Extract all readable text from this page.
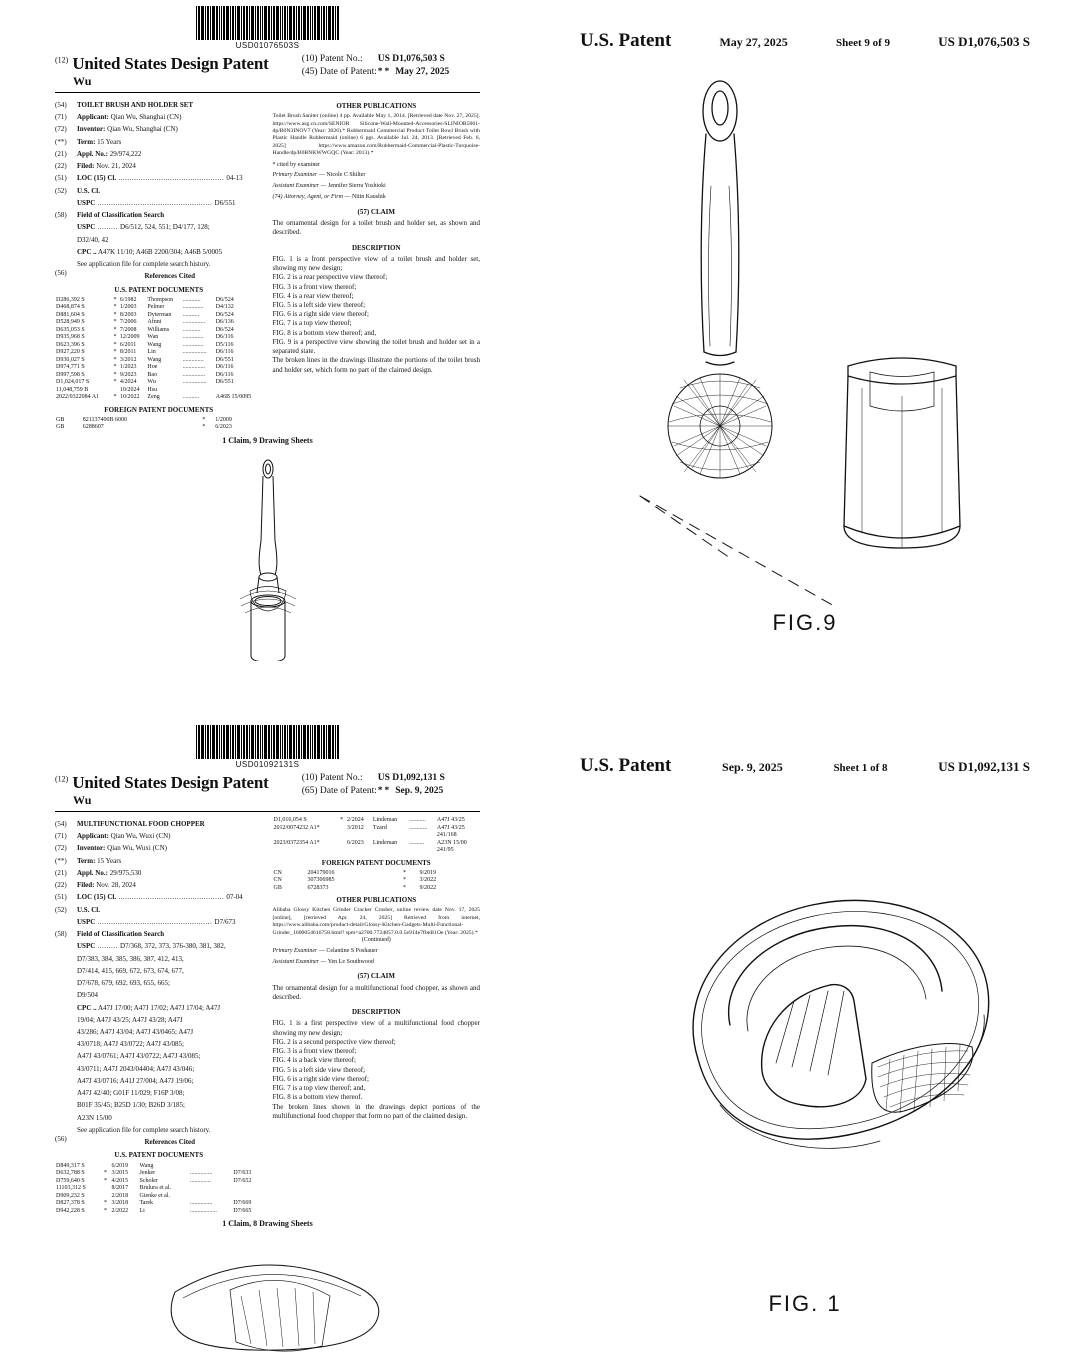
USD01076503S
$^{(12)}$ United States Design Patent
Wu
(10) Patent No.:	US D1,076,503 S
(45) Date of Patent: ** May 27, 2025
(54)	TOILET BRUSH AND HOLDER SET
(71)	Applicant: Qian Wu, Shanghai (CN)
(72)	Inventor: Qian Wu, Shanghai (CN)
(**)	Term: 15 Years
(21)	Appl. No.: 29/974,222
(22)	Filed: Nov. 21, 2024
(51)	LOC (15) Cl. ............................................... 04-13
(52)	U.S. Cl.
USPC ................................................... D6/551
(58)	Field of Classification Search
USPC ......... D6/512, 524, 551; D4/177, 128;
D32/40, 42
CPC .. A47K 11/10; A46B 2200/304; A46B 5/0005
See application file for complete search history.
(56)	References Cited
U.S. PATENT DOCUMENTS
D286,392 S	*	6/1982	Thompson	............	D6/524
D468,874 S	*	1/2003	Pelmer	..............	D4/132
D881,604 S	*	8/2003	Dyterman	...........	D6/524
D528,949 S	*	7/2006	Afnni	...............	D6/136
D635,053 S	*	7/2008	Williams	............	D6/524
D935,968 S	*	12/2009	Wan	..............	D6/116
D623,396 S	*	6/2011	Wang	..............	D5/116
D927,220 S	*	8/2011	Lin	................	D6/116
D930,027 S	*	3/2012	Wang	..............	D6/551
D974,771 S	*	1/2023	Hoe	...............	D6/116
D997,598 S	*	9/2023	Bao	...............	D6/116
D1,024,017 S	*	4/2024	Wu	................	D6/551
11,048,759 B		10/2024	Hsu		
2022/0322084 A1	*	10/2022	Zeng	...........	A46B 15/0095
FOREIGN PATENT DOCUMENTS
GB	821137400B 6000	*	1/2009
GB	6288607	*	6/2023
OTHER PUBLICATIONS
Toilet Brush Saniter (online) 4 pp. Available May 1, 2014. [Retrieved date Nov. 27, 2025]. https://www.asg.cn.com/SENIOR Silicone-Wall-Mounted-Accessories-SLINIOR5061-dp/B0N3INOV7 (Year: 3026).* Rubbermaid Commercial Product Toilet Bowl Brush with Plastic Handle Rubbermaid (online) 6 pgs. Available Jul. 24, 2013. [Retrieved Feb. 6, 2025] https://www.amazon.com/Rubbermaid-Commercial-Plastic-Turquoise-Handle/dp/B0BNKWWGQC (Year: 2013).*
* cited by examiner
Primary Examiner — Nicole C Shilter
Assistant Examiner — Jennifer Sierra Yoshioki
(74) Attorney, Agent, or Firm — Nitin Kaushik
(57) CLAIM
The ornamental design for a toilet brush and holder set, as shown and described.
DESCRIPTION
FIG. 1 is a front perspective view of a toilet brush and holder set, showing my new design;
FIG. 2 is a rear perspective view thereof;
FIG. 3 is a front view thereof;
FIG. 4 is a rear view thereof;
FIG. 5 is a left side view thereof;
FIG. 6 is a right side view thereof;
FIG. 7 is a top view thereof;
FIG. 8 is a bottom view thereof; and,
FIG. 9 is a perspective view showing the toilet brush and holder set in a separated state.
The broken lines in the drawings illustrate the portions of the toilet brush and holder set, which form no part of the claimed design.
1 Claim, 9 Drawing Sheets
U.S. Patent	May 27, 2025	Sheet 9 of 9	US D1,076,503 S
FIG.9
USD01092131S
$^{(12)}$ United States Design Patent
Wu
(10) Patent No.:	US D1,092,131 S
(65) Date of Patent: ** Sep. 9, 2025
(54)	MULTIFUNCTIONAL FOOD CHOPPER
(71)	Applicant: Qian Wu, Wuxi (CN)
(72)	Inventor: Qian Wu, Wuxi (CN)
(**)	Term: 15 Years
(21)	Appl. No.: 29/975,530
(22)	Filed: Nov. 28, 2024
(51)	LOC (15) Cl. ............................................... 07-04
(52)	U.S. Cl.
USPC ................................................... D7/673
(58)	Field of Classification Search
USPC ......... D7/368, 372, 373, 376-380, 381, 382,
D7/383, 384, 385, 386, 387, 412, 413,
D7/414, 415, 669, 672, 673, 674, 677,
D7/678, 679, 692, 693, 655, 665;
D9/504
CPC .. A47J 17/00; A47J 17/02; A47J 17/04; A47J
19/04; A47J 43/25; A47J 43/28; A47J
43/286; A47J 43/04; A47J 43/0465; A47J
43/0718; A47J 43/0722; A47J 43/085;
A47J 43/0761; A47J 43/0722; A47J 43/085;
43/0711; A47J 2043/04404; A47J 43/046;
A47J 43/0716; A41J 27/004; A47J 19/06;
A47J 42/40; G01F 11/029; F16P 3/08;
B01F 35/45; B25D 1/30; B26D 3/185;
A23N 15/00
See application file for complete search history.
(56)	References Cited
U.S. PATENT DOCUMENTS
D849,317 S		6/2019	Wang		
D632,788 S	*	3/2015	Jenker	...............	D7/633
D759,640 S	*	4/2015	Scholer	..............	D7/652
11103,312 S		8/2017	Brulura et al.		
D909,232 S		2/2018	Gienke et al.		
D827,378 S	*	3/2018	Tarek	...............	D7/669
D942,228 S	*	2/2022	Li	..................	D7/665
D1,016,054 S	*	2/2024	Lindeman	...........	A47J 43/25
2012/0074232 A1*		3/2012	Tzard	............	A47J 43/25
					241/168
2023/0372354 A1*		6/2023	Lindeman	..........	A23N 15/00
					241/95
FOREIGN PATENT DOCUMENTS
CN	204179016	*	9/2019
CN	307306985	*	3/2022
GB	6728373	*	9/2022
OTHER PUBLICATIONS
Alibaba Glossy Kitchen Grinder Cracker Crusher, online review date Nov. 17, 2025 [online], [retrieved Apr. 24, 2025] Retrieved from internet, https://www.alibaba.com/product-detail/Glossy-Kitchen-Gadgets-Multi-Functional-Grinder_1600054616758.html? spm=a2700.7724857.0.0.5e914e7fbeB1Oe (Year: 2025).*
(Continued)
Primary Examiner — Celantine S Poshauer
Assistant Examiner — Yen Le Southwood
(57) CLAIM
The ornamental design for a multifunctional food chopper, as shown and described.
DESCRIPTION
FIG. 1 is a first perspective view of a multifunctional food chopper showing my new design;
FIG. 2 is a second perspective view thereof;
FIG. 3 is a front view thereof;
FIG. 4 is a back view thereof;
FIG. 5 is a left side view thereof;
FIG. 6 is a right side view thereof;
FIG. 7 is a top view thereof; and,
FIG. 8 is a bottom view thereof.
The broken lines shown in the drawings depict portions of the multifunctional food chopper that form no part of the claimed design.
1 Claim, 8 Drawing Sheets
U.S. Patent	Sep. 9, 2025	Sheet 1 of 8	US D1,092,131 S
FIG. 1
